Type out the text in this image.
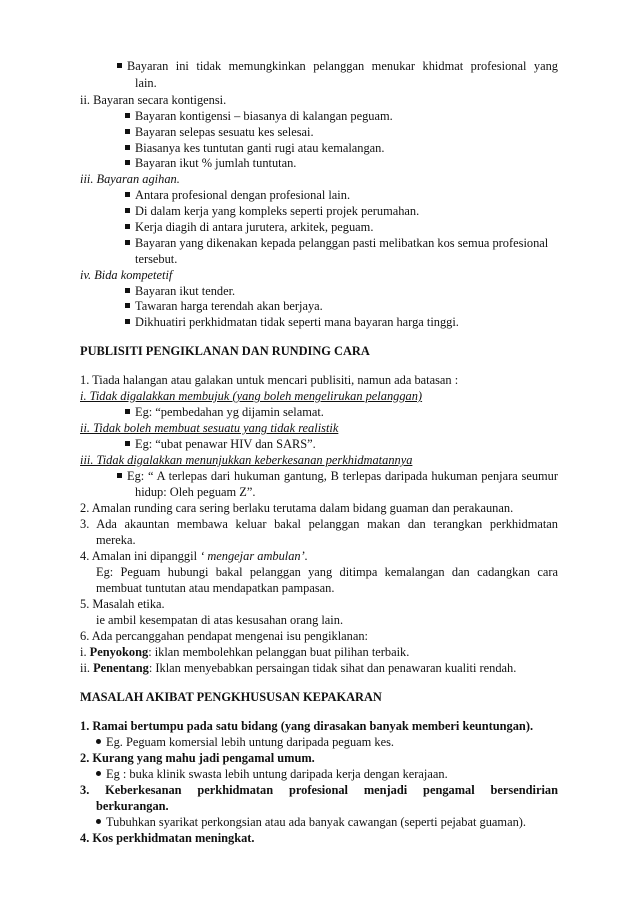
Bayaran ini tidak memungkinkan pelanggan menukar khidmat profesional yang
lain.
ii. Bayaran secara kontigensi.
Bayaran kontigensi – biasanya di kalangan peguam.
Bayaran selepas sesuatu kes selesai.
Biasanya kes tuntutan ganti rugi atau kemalangan.
Bayaran ikut % jumlah tuntutan.
iii. Bayaran agihan.
Antara profesional dengan profesional lain.
Di dalam kerja yang kompleks seperti projek perumahan.
Kerja diagih di antara jurutera, arkitek, peguam.
Bayaran yang dikenakan kepada pelanggan pasti melibatkan kos semua profesional
tersebut.
iv. Bida kompetetif
Bayaran ikut tender.
Tawaran harga terendah akan berjaya.
Dikhuatiri perkhidmatan tidak seperti mana bayaran harga tinggi.
PUBLISITI PENGIKLANAN DAN RUNDING CARA
1. Tiada halangan atau galakan untuk mencari publisiti, namun ada batasan :
i. Tidak digalakkan membujuk (yang boleh mengelirukan pelanggan)
Eg: “pembedahan yg dijamin selamat.
ii. Tidak boleh membuat sesuatu yang tidak realistik
Eg: “ubat penawar HIV dan SARS”.
iii. Tidak digalakkan menunjukkan keberkesanan perkhidmatannya
Eg: “ A terlepas dari hukuman gantung, B terlepas daripada hukuman penjara seumur
hidup: Oleh peguam Z”.
2. Amalan runding cara sering berlaku terutama dalam bidang guaman dan perakaunan.
3. Ada akauntan membawa keluar bakal pelanggan makan dan terangkan perkhidmatan
mereka.
4. Amalan ini dipanggil ‘ mengejar ambulan’.
Eg: Peguam hubungi bakal pelanggan yang ditimpa kemalangan dan cadangkan cara
membuat tuntutan atau mendapatkan pampasan.
5. Masalah etika.
ie ambil kesempatan di atas kesusahan orang lain.
6. Ada percanggahan pendapat mengenai isu pengiklanan:
i. Penyokong: iklan membolehkan pelanggan buat pilihan terbaik.
ii. Penentang: Iklan menyebabkan persaingan tidak sihat dan penawaran kualiti rendah.
MASALAH AKIBAT PENGKHUSUSAN KEPAKARAN
1. Ramai bertumpu pada satu bidang (yang dirasakan banyak memberi keuntungan).
Eg. Peguam komersial lebih untung daripada peguam kes.
2. Kurang yang mahu jadi pengamal umum.
Eg : buka klinik swasta lebih untung daripada kerja dengan kerajaan.
3. Keberkesanan perkhidmatan profesional menjadi pengamal bersendirian
berkurangan.
Tubuhkan syarikat perkongsian atau ada banyak cawangan (seperti pejabat guaman).
4. Kos perkhidmatan meningkat.
